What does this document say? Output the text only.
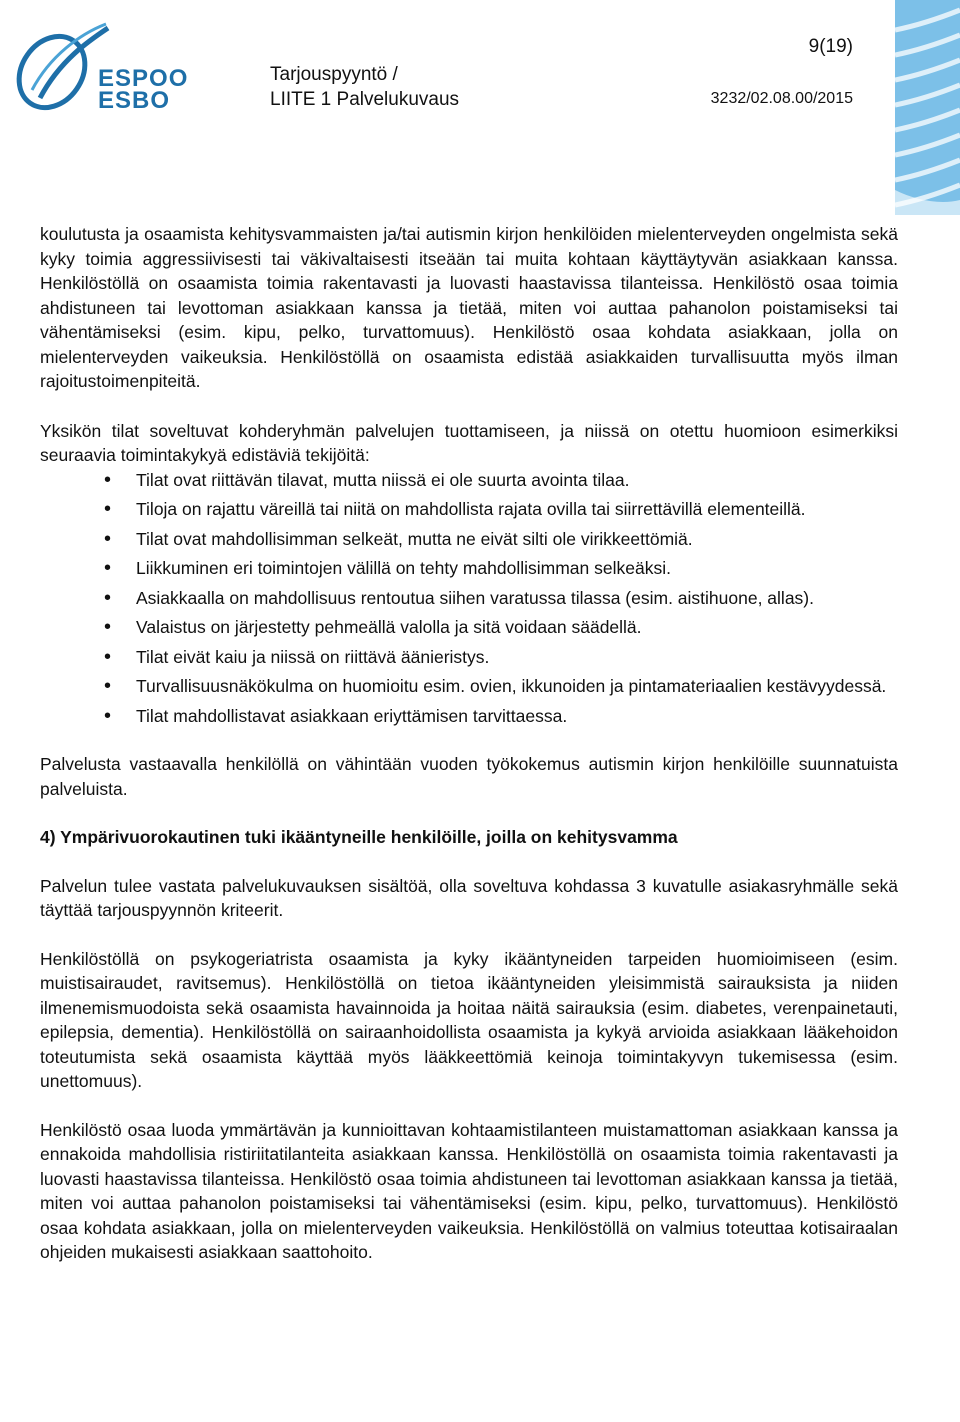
ESPOO
ESBO
Tarjouspyyntö /
LIITE 1 Palvelukuvaus
9(19)
3232/02.08.00/2015

koulutusta ja osaamista kehitysvammaisten ja/tai autismin kirjon henkilöiden mielenterveyden ongelmista sekä kyky toimia aggressiivisesti tai väkivaltaisesti itseään tai muita kohtaan käyttäytyvän asiakkaan kanssa. Henkilöstöllä on osaamista toimia rakentavasti ja luovasti haastavissa tilanteissa. Henkilöstö osaa toimia ahdistuneen tai levottoman asiakkaan kanssa ja tietää, miten voi auttaa pahanolon poistamiseksi tai vähentämiseksi (esim. kipu, pelko, turvattomuus). Henkilöstö osaa kohdata asiakkaan, jolla on mielenterveyden vaikeuksia. Henkilöstöllä on osaamista edistää asiakkaiden turvallisuutta myös ilman rajoitustoimenpiteitä.

Yksikön tilat soveltuvat kohderyhmän palvelujen tuottamiseen, ja niissä on otettu huomioon esimerkiksi seuraavia toimintakykyä edistäviä tekijöitä:

• Tilat ovat riittävän tilavat, mutta niissä ei ole suurta avointa tilaa.
• Tiloja on rajattu väreillä tai niitä on mahdollista rajata ovilla tai siirrettävillä elementeillä.
• Tilat ovat mahdollisimman selkeät, mutta ne eivät silti ole virikkeettömiä.
• Liikkuminen eri toimintojen välillä on tehty mahdollisimman selkeäksi.
• Asiakkaalla on mahdollisuus rentoutua siihen varatussa tilassa (esim. aistihuone, allas).
• Valaistus on järjestetty pehmeällä valolla ja sitä voidaan säädellä.
• Tilat eivät kaiu ja niissä on riittävä äänieristys.
• Turvallisuusnäkökulma on huomioitu esim. ovien, ikkunoiden ja pintamateriaalien kestävyydessä.
• Tilat mahdollistavat asiakkaan eriyttämisen tarvittaessa.

Palvelusta vastaavalla henkilöllä on vähintään vuoden työkokemus autismin kirjon henkilöille suunnatuista palveluista.

4) Ympärivuorokautinen tuki ikääntyneille henkilöille, joilla on kehitysvamma

Palvelun tulee vastata palvelukuvauksen sisältöä, olla soveltuva kohdassa 3 kuvatulle asiakasryhmälle sekä täyttää tarjouspyynnön kriteerit.

Henkilöstöllä on psykogeriatrista osaamista ja kyky ikääntyneiden tarpeiden huomioimiseen (esim. muistisairaudet, ravitsemus). Henkilöstöllä on tietoa ikääntyneiden yleisimmistä sairauksista ja niiden ilmenemismuodoista sekä osaamista havainnoida ja hoitaa näitä sairauksia (esim. diabetes, verenpainetauti, epilepsia, dementia). Henkilöstöllä on sairaanhoidollista osaamista ja kykyä arvioida asiakkaan lääkehoidon toteutumista sekä osaamista käyttää myös lääkkeettömiä keinoja toimintakyvyn tukemisessa (esim. unettomuus).

Henkilöstö osaa luoda ymmärtävän ja kunnioittavan kohtaamistilanteen muistamattoman asiakkaan kanssa ja ennakoida mahdollisia ristiriitatilanteita asiakkaan kanssa. Henkilöstöllä on osaamista toimia rakentavasti ja luovasti haastavissa tilanteissa. Henkilöstö osaa toimia ahdistuneen tai levottoman asiakkaan kanssa ja tietää, miten voi auttaa pahanolon poistamiseksi tai vähentämiseksi (esim. kipu, pelko, turvattomuus). Henkilöstö osaa kohdata asiakkaan, jolla on mielenterveyden vaikeuksia. Henkilöstöllä on valmius toteuttaa kotisairaalan ohjeiden mukaisesti asiakkaan saattohoito.
